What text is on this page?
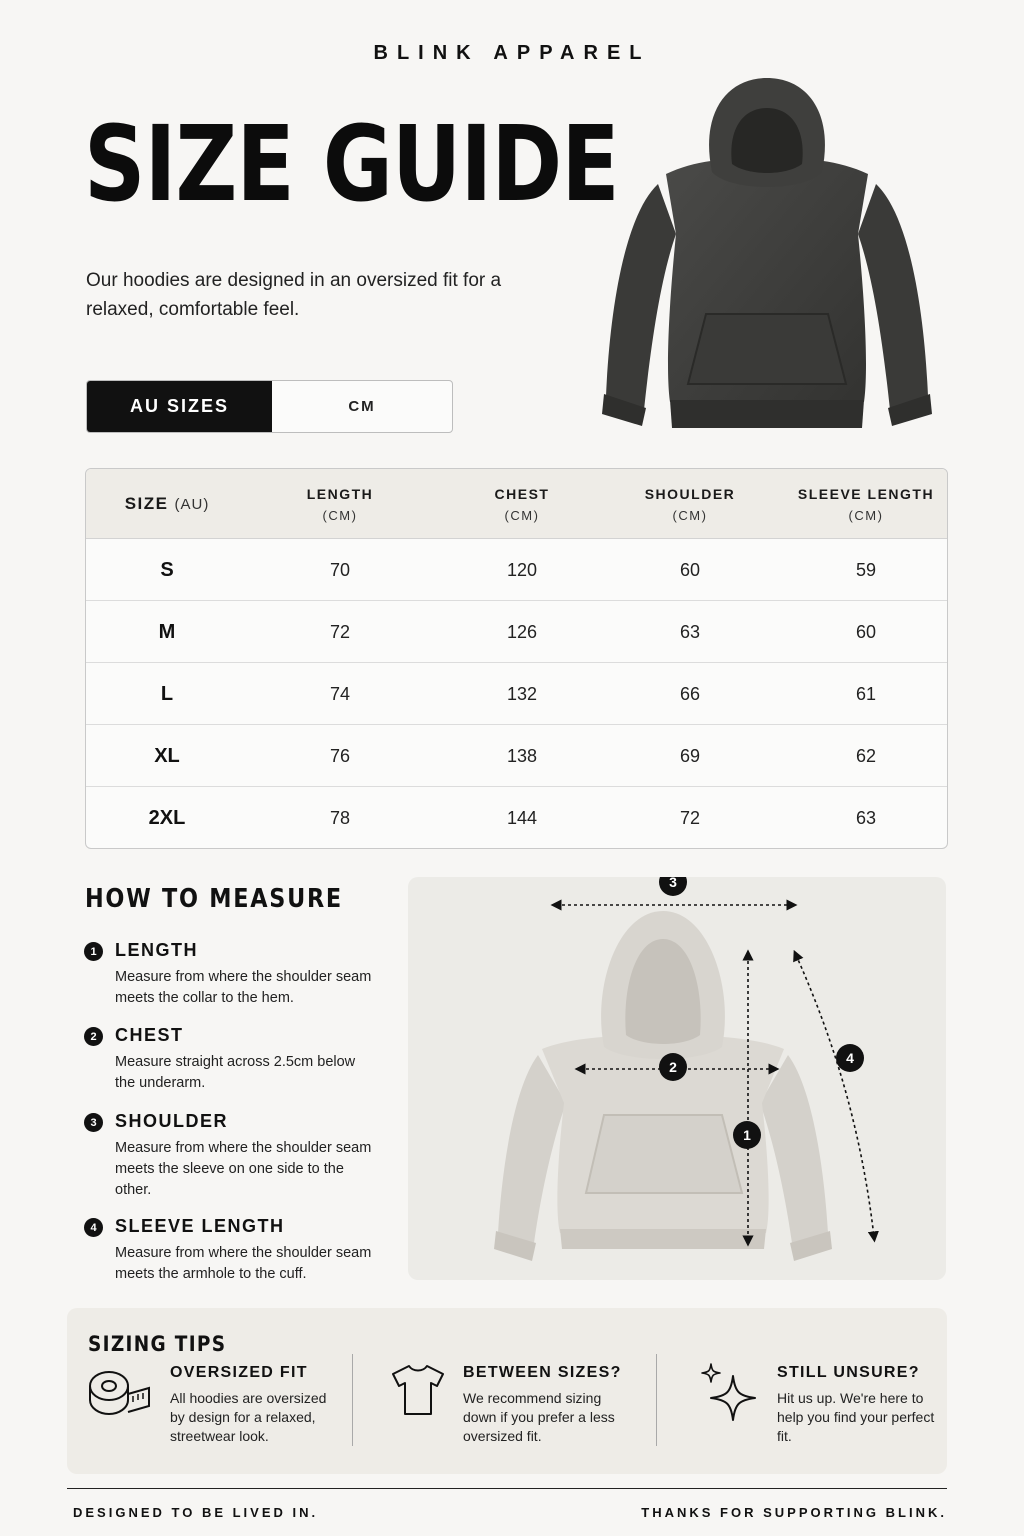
BLINK APPAREL
SIZE GUIDE
Our hoodies are designed in an oversized fit for a relaxed, comfortable feel.
AU SIZES	CM
SIZE (AU)
LENGTH
(CM)
CHEST
(CM)
SHOULDER
(CM)
SLEEVE LENGTH
(CM)
S	70	120	60	59
M	72	126	63	60
L	74	132	66	61
XL	76	138	69	62
2XL	78	144	72	63
HOW TO MEASURE
1	LENGTH
Measure from where the shoulder seam meets the collar to the hem.
2	CHEST
Measure straight across 2.5cm below the underarm.
3	SHOULDER
Measure from where the shoulder seam meets the sleeve on one side to the other.
4	SLEEVE LENGTH
Measure from where the shoulder seam meets the armhole to the cuff.
3
2
1
4
SIZING TIPS
OVERSIZED FIT
All hoodies are oversized by design for a relaxed, streetwear look.
BETWEEN SIZES?
We recommend sizing down if you prefer a less oversized fit.
STILL UNSURE?
Hit us up. We're here to help you find your perfect fit.
DESIGNED TO BE LIVED IN.	THANKS FOR SUPPORTING BLINK.
